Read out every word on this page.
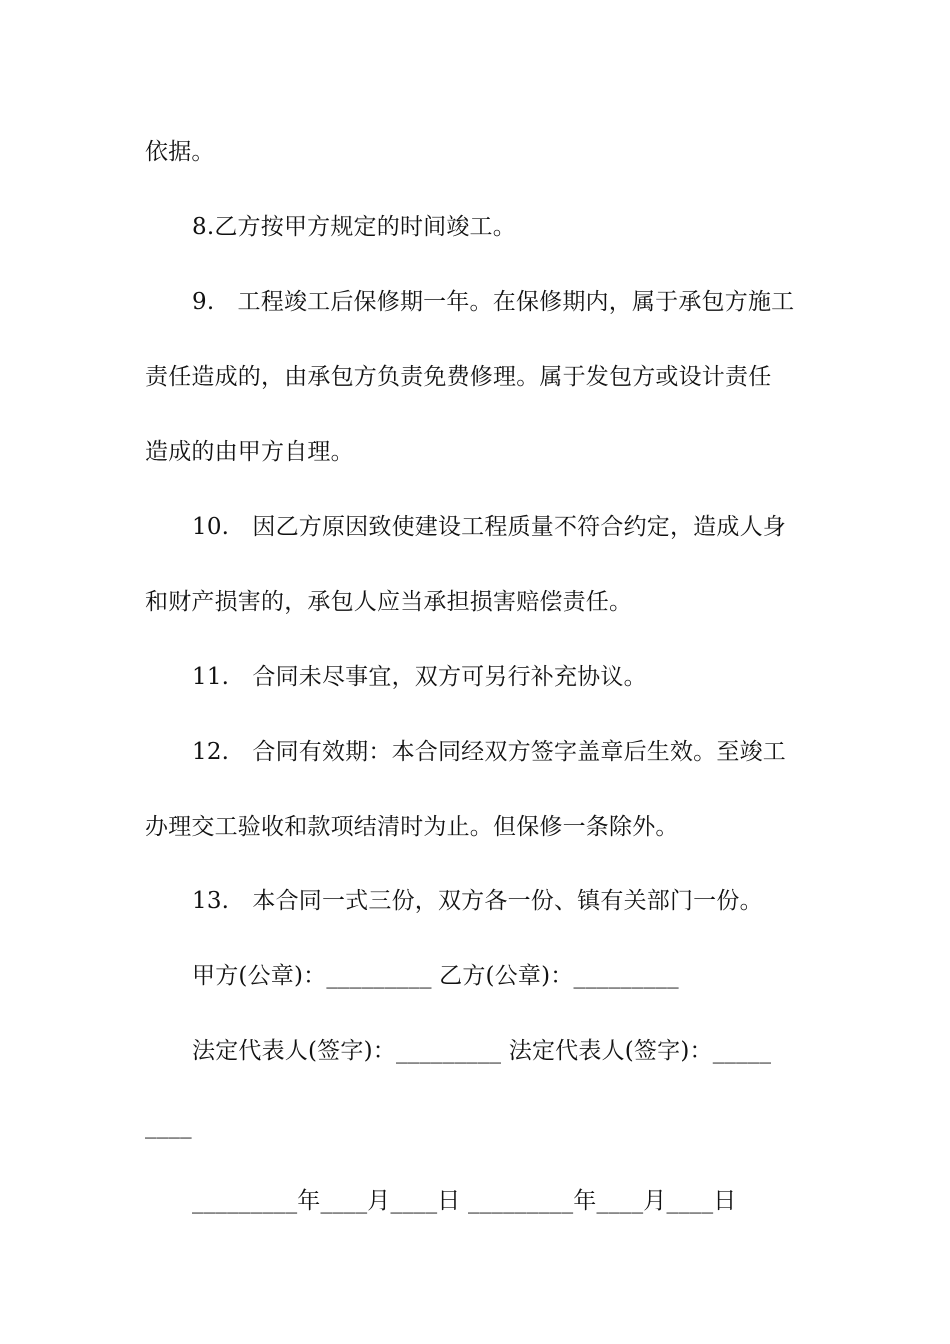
依据。
8.乙方按甲方规定的时间竣工。
9.　工程竣工后保修期一年。在保修期内，属于承包方施工
责任造成的，由承包方负责免费修理。属于发包方或设计责任
造成的由甲方自理。
10.　因乙方原因致使建设工程质量不符合约定，造成人身
和财产损害的，承包人应当承担损害赔偿责任。
11.　合同未尽事宜，双方可另行补充协议。
12.　合同有效期：本合同经双方签字盖章后生效。至竣工
办理交工验收和款项结清时为止。但保修一条除外。
13.　本合同一式三份，双方各一份、镇有关部门一份。
甲方(公章)：_________ 乙方(公章)：_________
法定代表人(签字)：_________ 法定代表人(签字)：_____
____
_________年____月____日 _________年____月____日
